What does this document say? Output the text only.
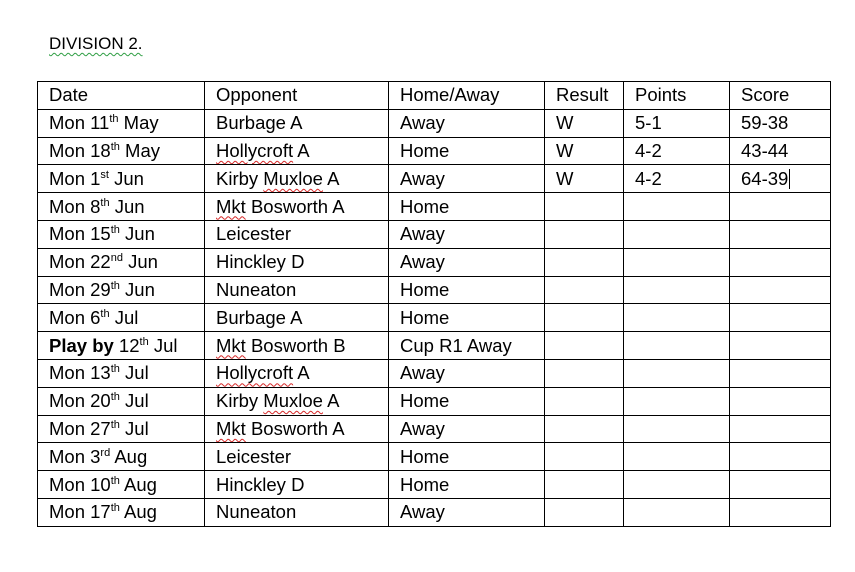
DIVISION 2.
Date	Opponent	Home/Away	Result	Points	Score
Mon 11th May	Burbage A	Away	W	5-1	59-38
Mon 18th May	Hollycroft A	Home	W	4-2	43-44
Mon 1st Jun	Kirby Muxloe A	Away	W	4-2	64-39
Mon 8th Jun	Mkt Bosworth A	Home			
Mon 15th Jun	Leicester	Away			
Mon 22nd Jun	Hinckley D	Away			
Mon 29th Jun	Nuneaton	Home			
Mon 6th Jul	Burbage A	Home			
Play by 12th Jul	Mkt Bosworth B	Cup R1 Away			
Mon 13th Jul	Hollycroft A	Away			
Mon 20th Jul	Kirby Muxloe A	Home			
Mon 27th Jul	Mkt Bosworth A	Away			
Mon 3rd Aug	Leicester	Home			
Mon 10th Aug	Hinckley D	Home			
Mon 17th Aug	Nuneaton	Away			
